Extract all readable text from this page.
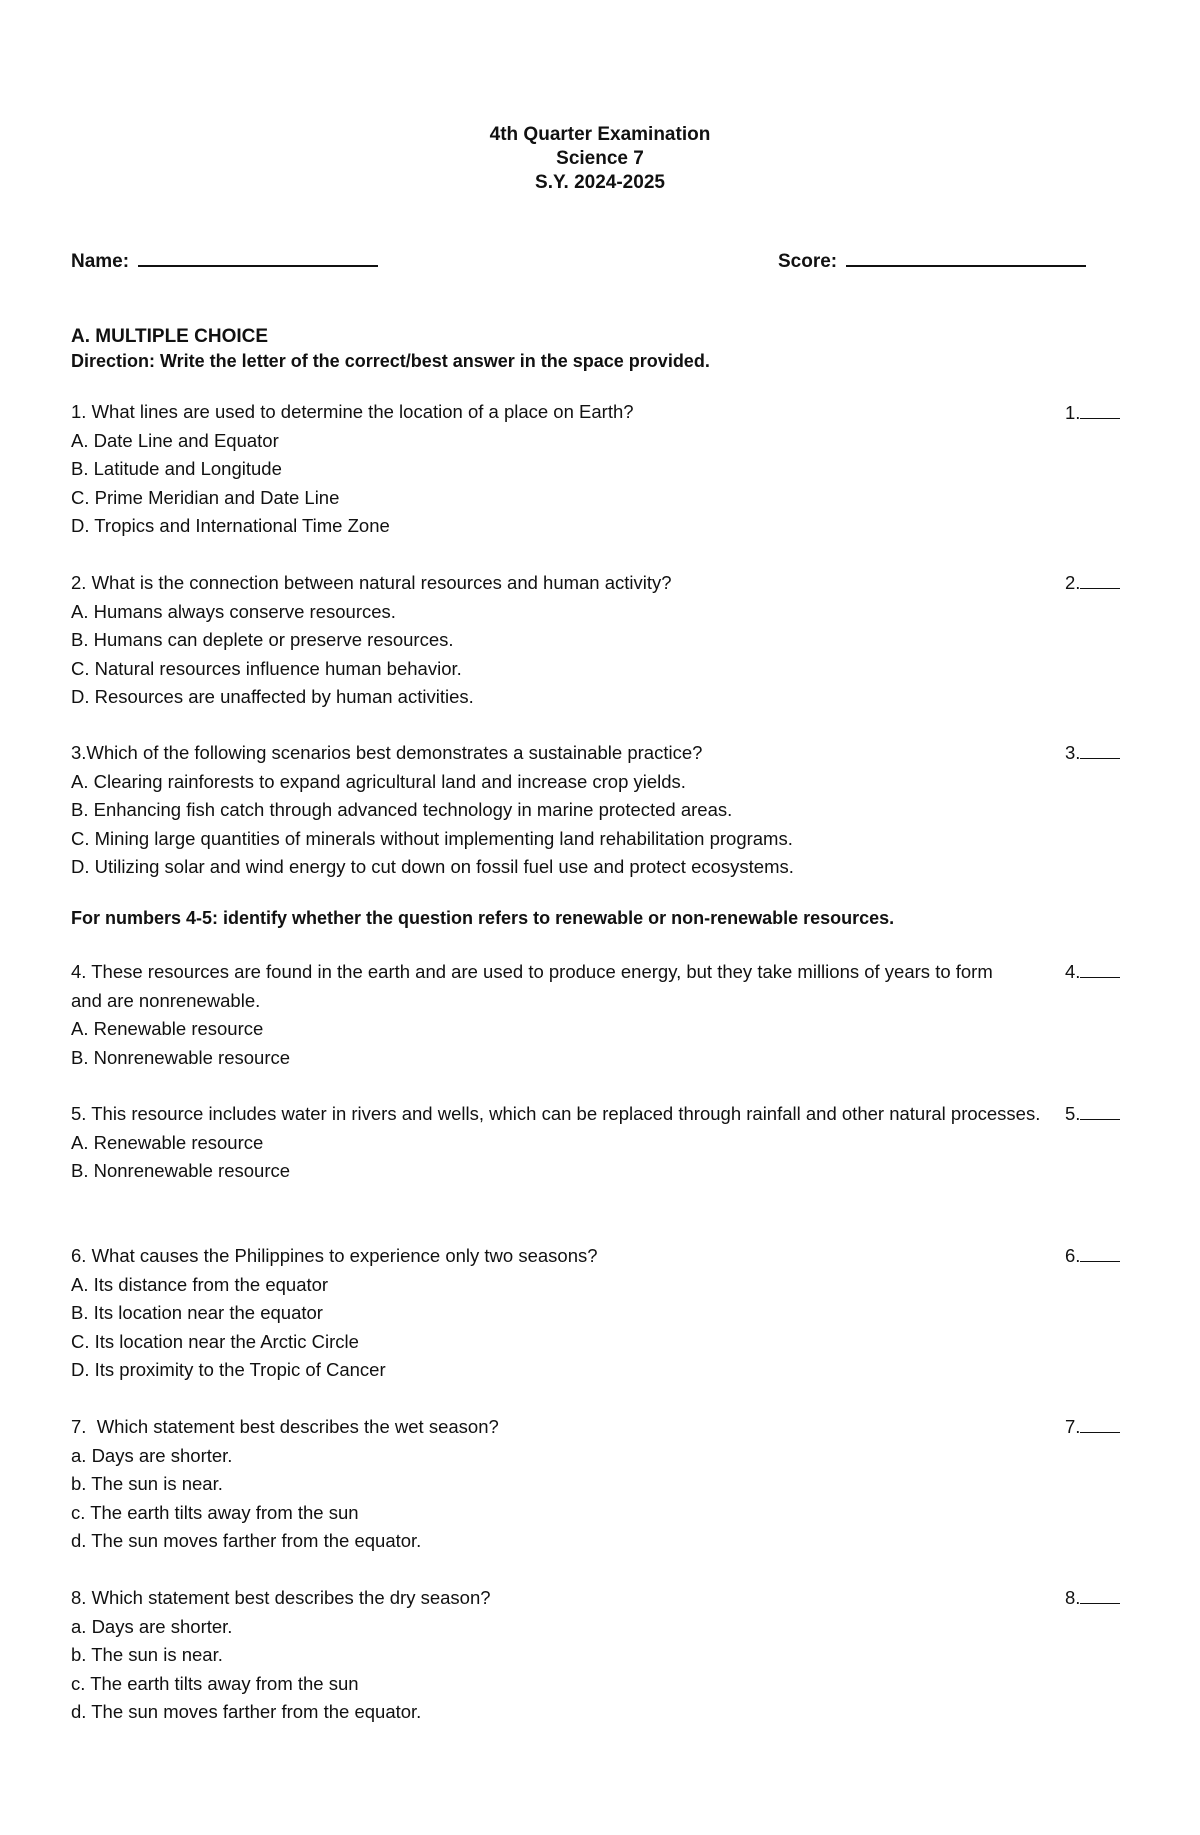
4th Quarter Examination
Science 7
S.Y. 2024-2025
Name:	Score:
A. MULTIPLE CHOICE
Direction: Write the letter of the correct/best answer in the space provided.
1. What lines are used to determine the location of a place on Earth?	1.
A. Date Line and Equator
B. Latitude and Longitude
C. Prime Meridian and Date Line
D. Tropics and International Time Zone
2. What is the connection between natural resources and human activity?	2.
A. Humans always conserve resources.
B. Humans can deplete or preserve resources.
C. Natural resources influence human behavior.
D. Resources are unaffected by human activities.
3.Which of the following scenarios best demonstrates a sustainable practice?	3.
A. Clearing rainforests to expand agricultural land and increase crop yields.
B. Enhancing fish catch through advanced technology in marine protected areas.
C. Mining large quantities of minerals without implementing land rehabilitation programs.
D. Utilizing solar and wind energy to cut down on fossil fuel use and protect ecosystems.
For numbers 4-5: identify whether the question refers to renewable or non-renewable resources.
4. These resources are found in the earth and are used to produce energy, but they take millions of years to form and are nonrenewable.
4.
A. Renewable resource
B. Nonrenewable resource
5. This resource includes water in rivers and wells, which can be replaced through rainfall and other natural processes.	5.
A. Renewable resource
B. Nonrenewable resource
6. What causes the Philippines to experience only two seasons?	6.
A. Its distance from the equator
B. Its location near the equator
C. Its location near the Arctic Circle
D. Its proximity to the Tropic of Cancer
7.  Which statement best describes the wet season?	7.
a. Days are shorter.
b. The sun is near.
c. The earth tilts away from the sun
d. The sun moves farther from the equator.
8. Which statement best describes the dry season?	8.
a. Days are shorter.
b. The sun is near.
c. The earth tilts away from the sun
d. The sun moves farther from the equator.
